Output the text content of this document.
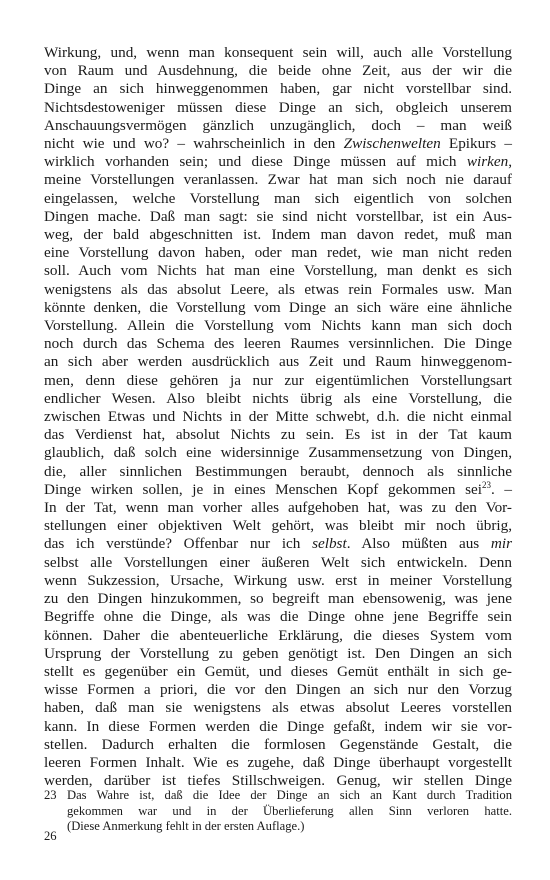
Wirkung, und, wenn man konsequent sein will, auch alle Vorstellung
von Raum und Ausdehnung, die beide ohne Zeit, aus der wir die
Dinge an sich hinweggenommen haben, gar nicht vorstellbar sind.
Nichtsdestoweniger müssen diese Dinge an sich, obgleich unserem
Anschauungsvermögen gänzlich unzugänglich, doch – man weiß
nicht wie und wo? – wahrscheinlich in den Zwischenwelten Epikurs –
wirklich vorhanden sein; und diese Dinge müssen auf mich wirken,
meine Vorstellungen veranlassen. Zwar hat man sich noch nie darauf
eingelassen, welche Vorstellung man sich eigentlich von solchen
Dingen mache. Daß man sagt: sie sind nicht vorstellbar, ist ein Aus-
weg, der bald abgeschnitten ist. Indem man davon redet, muß man
eine Vorstellung davon haben, oder man redet, wie man nicht reden
soll. Auch vom Nichts hat man eine Vorstellung, man denkt es sich
wenigstens als das absolut Leere, als etwas rein Formales usw. Man
könnte denken, die Vorstellung vom Dinge an sich wäre eine ähnliche
Vorstellung. Allein die Vorstellung vom Nichts kann man sich doch
noch durch das Schema des leeren Raumes versinnlichen. Die Dinge
an sich aber werden ausdrücklich aus Zeit und Raum hinweggenom-
men, denn diese gehören ja nur zur eigentümlichen Vorstellungsart
endlicher Wesen. Also bleibt nichts übrig als eine Vorstellung, die
zwischen Etwas und Nichts in der Mitte schwebt, d.h. die nicht einmal
das Verdienst hat, absolut Nichts zu sein. Es ist in der Tat kaum
glaublich, daß solch eine widersinnige Zusammensetzung von Dingen,
die, aller sinnlichen Bestimmungen beraubt, dennoch als sinnliche
Dinge wirken sollen, je in eines Menschen Kopf gekommen sei$^{23}$. –
In der Tat, wenn man vorher alles aufgehoben hat, was zu den Vor-
stellungen einer objektiven Welt gehört, was bleibt mir noch übrig,
das ich verstünde? Offenbar nur ich selbst. Also müßten aus mir
selbst alle Vorstellungen einer äußeren Welt sich entwickeln. Denn
wenn Sukzession, Ursache, Wirkung usw. erst in meiner Vorstellung
zu den Dingen hinzukommen, so begreift man ebensowenig, was jene
Begriffe ohne die Dinge, als was die Dinge ohne jene Begriffe sein
können. Daher die abenteuerliche Erklärung, die dieses System vom
Ursprung der Vorstellung zu geben genötigt ist. Den Dingen an sich
stellt es gegenüber ein Gemüt, und dieses Gemüt enthält in sich ge-
wisse Formen a priori, die vor den Dingen an sich nur den Vorzug
haben, daß man sie wenigstens als etwas absolut Leeres vorstellen
kann. In diese Formen werden die Dinge gefaßt, indem wir sie vor-
stellen. Dadurch erhalten die formlosen Gegenstände Gestalt, die
leeren Formen Inhalt. Wie es zugehe, daß Dinge überhaupt vorgestellt
werden, darüber ist tiefes Stillschweigen. Genug, wir stellen Dinge
23 Das Wahre ist, daß die Idee der Dinge an sich an Kant durch Tradition
gekommen war und in der Überlieferung allen Sinn verloren hatte.
(Diese Anmerkung fehlt in der ersten Auflage.)
26
